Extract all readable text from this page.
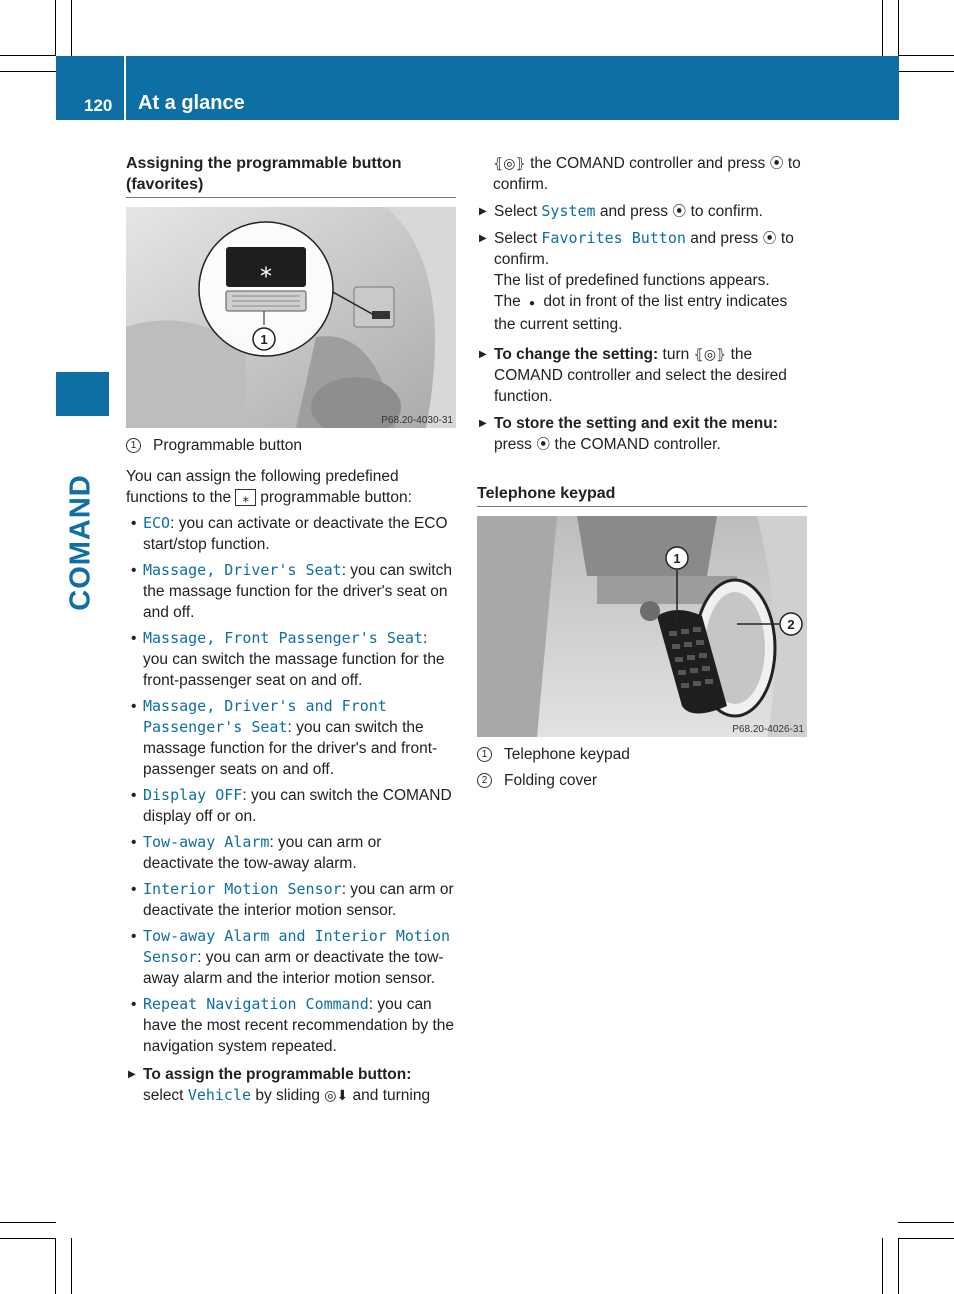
120 At a glance
COMAND
Assigning the programmable button (favorites)
1
⁎
P68.20-4030-31
1	Programmable button
You can assign the following predefined functions to the ⁎ programmable button:
• ECO: you can activate or deactivate the ECO start/stop function.
• Massage, Driver's Seat: you can switch the massage function for the driver's seat on and off.
• Massage, Front Passenger's Seat: you can switch the massage function for the front-passenger seat on and off.
• Massage, Driver's and Front Passenger's Seat: you can switch the massage function for the driver's and front-passenger seats on and off.
• Display OFF: you can switch the COMAND display off or on.
• Tow-away Alarm: you can arm or deactivate the tow-away alarm.
• Interior Motion Sensor: you can arm or deactivate the interior motion sensor.
• Tow-away Alarm and Interior Motion Sensor: you can arm or deactivate the tow-away alarm and the interior motion sensor.
• Repeat Navigation Command: you can have the most recent recommendation by the navigation system repeated.
▶ To assign the programmable button: select Vehicle by sliding ◎⬇ and turning
⦃◎⦄ the COMAND controller and press ⦿ to confirm.
▶ Select System and press ⦿ to confirm.
▶ Select Favorites Button and press ⦿ to confirm.
The list of predefined functions appears.
The ● dot in front of the list entry indicates the current setting.
▶ To change the setting: turn ⦃◎⦄ the COMAND controller and select the desired function.
▶ To store the setting and exit the menu: press ⦿ the COMAND controller.
Telephone keypad
1
2
P68.20-4026-31
1	Telephone keypad
2	Folding cover
